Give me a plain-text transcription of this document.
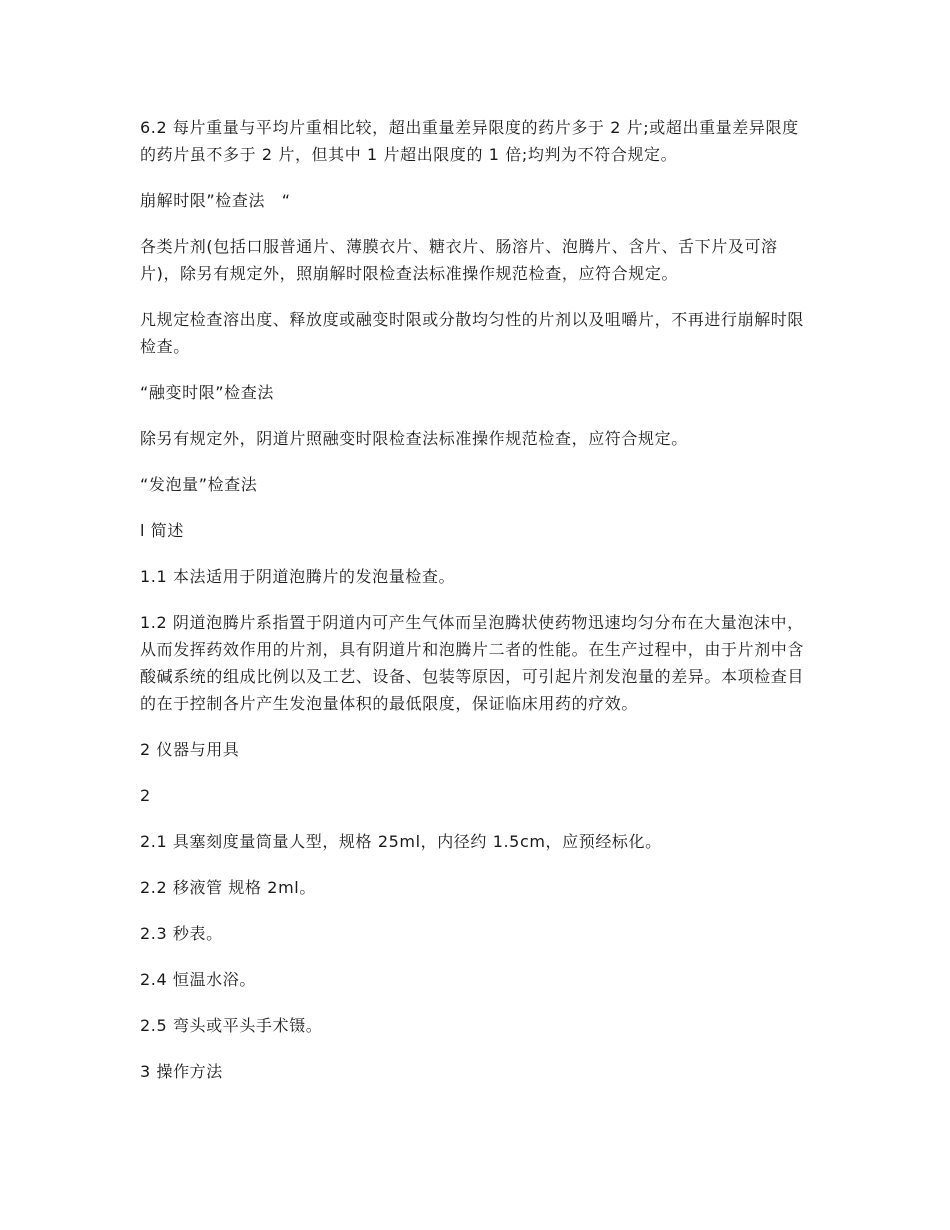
6.2 每片重量与平均片重相比较，超出重量差异限度的药片多于 2 片;或超出重量差异限度的药片虽不多于 2 片，但其中 1 片超出限度的 1 倍;均判为不符合规定。

崩解时限”检查法　“

各类片剂(包括口服普通片、薄膜衣片、糖衣片、肠溶片、泡腾片、含片、舌下片及可溶片)，除另有规定外，照崩解时限检查法标准操作规范检查，应符合规定。

凡规定检查溶出度、释放度或融变时限或分散均匀性的片剂以及咀嚼片，不再进行崩解时限检查。

“融变时限”检查法

除另有规定外，阴道片照融变时限检查法标准操作规范检查，应符合规定。

“发泡量”检查法

l 简述

1.1 本法适用于阴道泡腾片的发泡量检查。

1.2 阴道泡腾片系指置于阴道内可产生气体而呈泡腾状使药物迅速均匀分布在大量泡沫中，从而发挥药效作用的片剂，具有阴道片和泡腾片二者的性能。在生产过程中，由于片剂中含酸碱系统的组成比例以及工艺、设备、包装等原因，可引起片剂发泡量的差异。本项检查目的在于控制各片产生发泡量体积的最低限度，保证临床用药的疗效。

2 仪器与用具

2

2.1 具塞刻度量筒量人型，规格 25ml，内径约 1.5cm，应预经标化。

2.2 移液管 规格 2ml。

2.3 秒表。

2.4 恒温水浴。

2.5 弯头或平头手术镊。

3 操作方法
